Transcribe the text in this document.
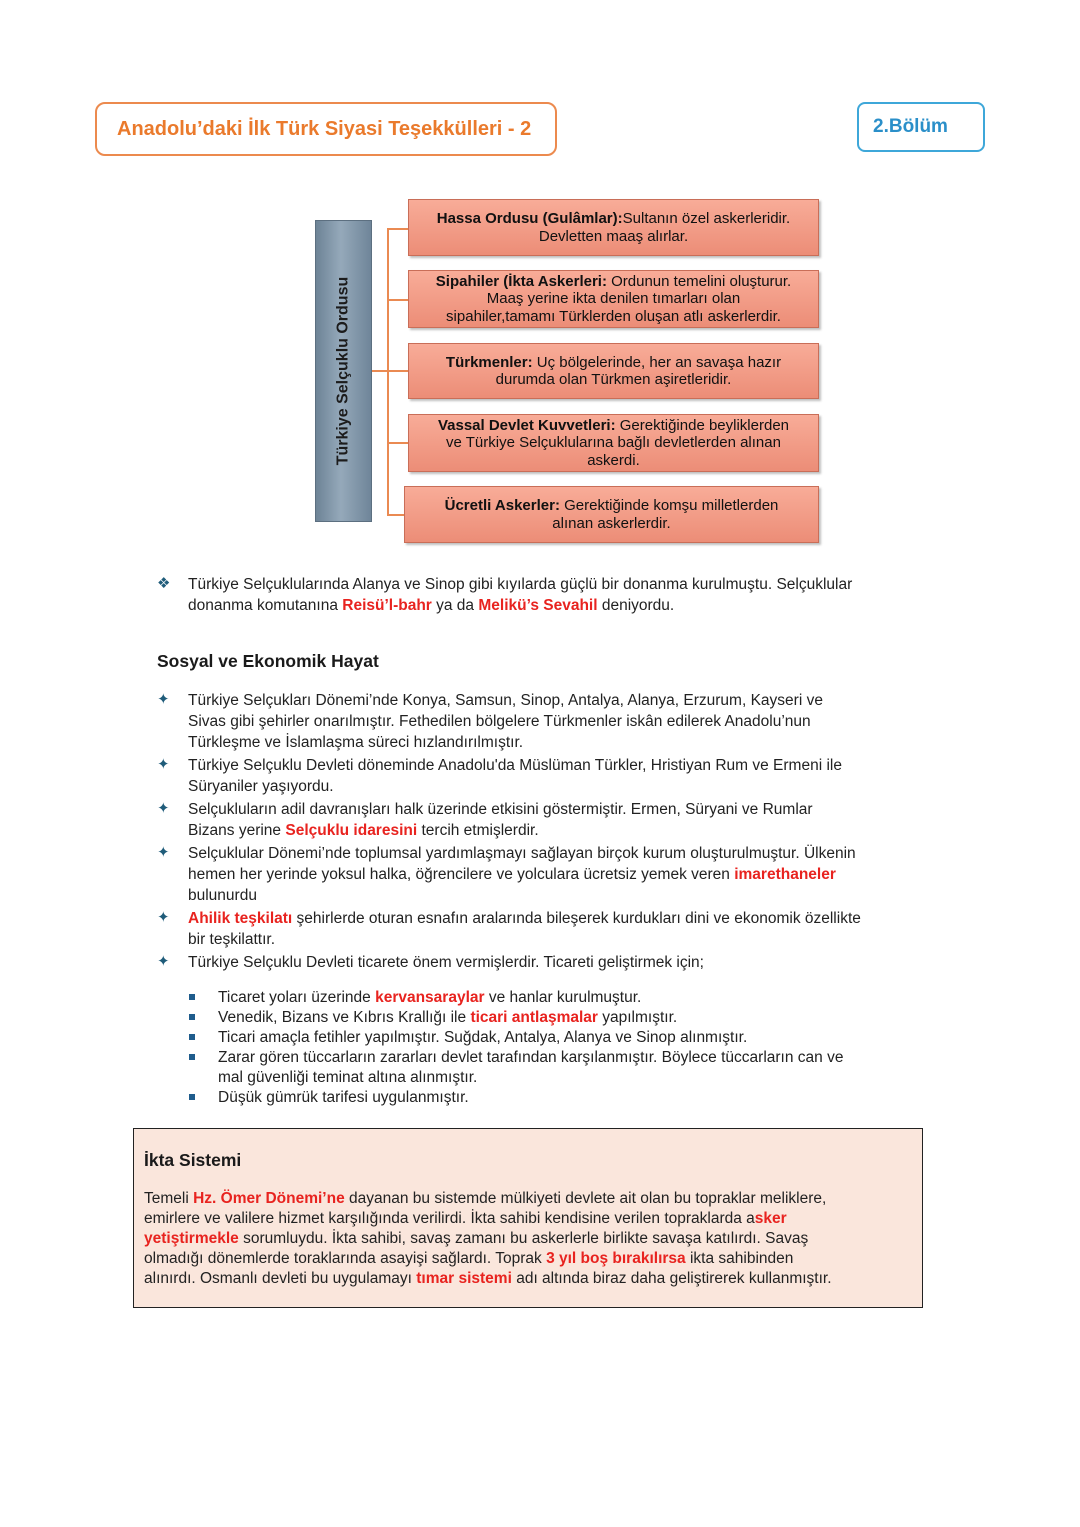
Anadolu’daki İlk Türk Siyasi Teşekkülleri - 2	2.Bölüm
Türkiye Selçuklu Ordusu
Hassa Ordusu (Gulâmlar):Sultanın özel askerleridir.
Devletten maaş alırlar.
Sipahiler (İkta Askerleri: Ordunun temelini oluşturur.
Maaş yerine ikta denilen tımarları olan
sipahiler,tamamı Türklerden oluşan atlı askerlerdir.
Türkmenler: Uç bölgelerinde, her an savaşa hazır
durumda olan Türkmen aşiretleridir.
Vassal Devlet Kuvvetleri: Gerektiğinde beyliklerden
ve Türkiye Selçuklularına bağlı devletlerden alınan
askerdi.
Ücretli Askerler: Gerektiğinde komşu milletlerden
alınan askerlerdir.
❖ Türkiye Selçuklularında Alanya ve Sinop gibi kıyılarda güçlü bir donanma kurulmuştu. Selçuklular
donanma komutanına Reisü’l-bahr ya da Melikü’s Sevahil deniyordu.
Sosyal ve Ekonomik Hayat
✦ Türkiye Selçukları Dönemi’nde Konya, Samsun, Sinop, Antalya, Alanya, Erzurum, Kayseri ve
Sivas gibi şehirler onarılmıştır. Fethedilen bölgelere Türkmenler iskân edilerek Anadolu’nun
Türkleşme ve İslamlaşma süreci hızlandırılmıştır.
✦ Türkiye Selçuklu Devleti döneminde Anadolu'da Müslüman Türkler, Hristiyan Rum ve Ermeni ile
Süryaniler yaşıyordu.
✦ Selçukluların adil davranışları halk üzerinde etkisini göstermiştir. Ermen, Süryani ve Rumlar
Bizans yerine Selçuklu idaresini tercih etmişlerdir.
✦ Selçuklular Dönemi’nde toplumsal yardımlaşmayı sağlayan birçok kurum oluşturulmuştur. Ülkenin
hemen her yerinde yoksul halka, öğrencilere ve yolculara ücretsiz yemek veren imarethaneler
bulunurdu
✦ Ahilik teşkilatı şehirlerde oturan esnafın aralarında bileşerek kurdukları dini ve ekonomik özellikte
bir teşkilattır.
✦ Türkiye Selçuklu Devleti ticarete önem vermişlerdir. Ticareti geliştirmek için;
Ticaret yoları üzerinde kervansaraylar ve hanlar kurulmuştur.
Venedik, Bizans ve Kıbrıs Krallığı ile ticari antlaşmalar yapılmıştır.
Ticari amaçla fetihler yapılmıştır. Suğdak, Antalya, Alanya ve Sinop alınmıştır.
Zarar gören tüccarların zararları devlet tarafından karşılanmıştır. Böylece tüccarların can ve
mal güvenliği teminat altına alınmıştır.
Düşük gümrük tarifesi uygulanmıştır.
İkta Sistemi
Temeli Hz. Ömer Dönemi’ne dayanan bu sistemde mülkiyeti devlete ait olan bu topraklar meliklere,
emirlere ve valilere hizmet karşılığında verilirdi. İkta sahibi kendisine verilen topraklarda asker
yetiştirmekle sorumluydu. İkta sahibi, savaş zamanı bu askerlerle birlikte savaşa katılırdı. Savaş
olmadığı dönemlerde toraklarında asayişi sağlardı. Toprak 3 yıl boş bırakılırsa ikta sahibinden
alınırdı. Osmanlı devleti bu uygulamayı tımar sistemi adı altında biraz daha geliştirerek kullanmıştır.
